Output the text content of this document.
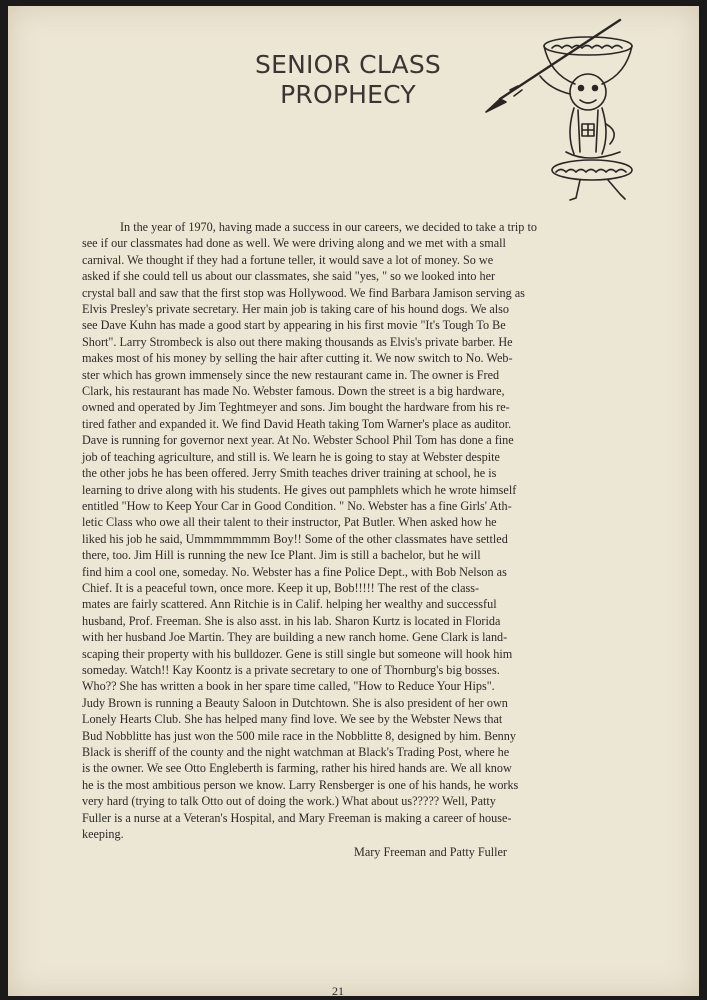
SENIOR CLASS
PROPHECY
In the year of 1970, having made a success in our careers, we decided to take a trip to
see if our classmates had done as well. We were driving along and we met with a small
carnival. We thought if they had a fortune teller, it would save a lot of money. So we
asked if she could tell us about our classmates, she said "yes, " so we looked into her
crystal ball and saw that the first stop was Hollywood. We find Barbara Jamison serving as
Elvis Presley's private secretary. Her main job is taking care of his hound dogs. We also
see Dave Kuhn has made a good start by appearing in his first movie "It's Tough To Be
Short". Larry Strombeck is also out there making thousands as Elvis's private barber. He
makes most of his money by selling the hair after cutting it. We now switch to No. Web-
ster which has grown immensely since the new restaurant came in. The owner is Fred
Clark, his restaurant has made No. Webster famous. Down the street is a big hardware,
owned and operated by Jim Teghtmeyer and sons. Jim bought the hardware from his re-
tired father and expanded it. We find David Heath taking Tom Warner's place as auditor.
Dave is running for governor next year. At No. Webster School Phil Tom has done a fine
job of teaching agriculture, and still is. We learn he is going to stay at Webster despite
the other jobs he has been offered. Jerry Smith teaches driver training at school, he is
learning to drive along with his students. He gives out pamphlets which he wrote himself
entitled "How to Keep Your Car in Good Condition. " No. Webster has a fine Girls' Ath-
letic Class who owe all their talent to their instructor, Pat Butler. When asked how he
liked his job he said, Ummmmmmmm Boy!! Some of the other classmates have settled
there, too. Jim Hill is running the new Ice Plant. Jim is still a bachelor, but he will
find him a cool one, someday. No. Webster has a fine Police Dept., with Bob Nelson as
Chief. It is a peaceful town, once more. Keep it up, Bob!!!!! The rest of the class-
mates are fairly scattered. Ann Ritchie is in Calif. helping her wealthy and successful
husband, Prof. Freeman. She is also asst. in his lab. Sharon Kurtz is located in Florida
with her husband Joe Martin. They are building a new ranch home. Gene Clark is land-
scaping their property with his bulldozer. Gene is still single but someone will hook him
someday. Watch!! Kay Koontz is a private secretary to one of Thornburg's big bosses.
Who?? She has written a book in her spare time called, "How to Reduce Your Hips".
Judy Brown is running a Beauty Saloon in Dutchtown. She is also president of her own
Lonely Hearts Club. She has helped many find love. We see by the Webster News that
Bud Nobblitte has just won the 500 mile race in the Nobblitte 8, designed by him. Benny
Black is sheriff of the county and the night watchman at Black's Trading Post, where he
is the owner. We see Otto Engleberth is farming, rather his hired hands are. We all know
he is the most ambitious person we know. Larry Rensberger is one of his hands, he works
very hard (trying to talk Otto out of doing the work.) What about us????? Well, Patty
Fuller is a nurse at a Veteran's Hospital, and Mary Freeman is making a career of house-
keeping.
Mary Freeman and Patty Fuller
21
